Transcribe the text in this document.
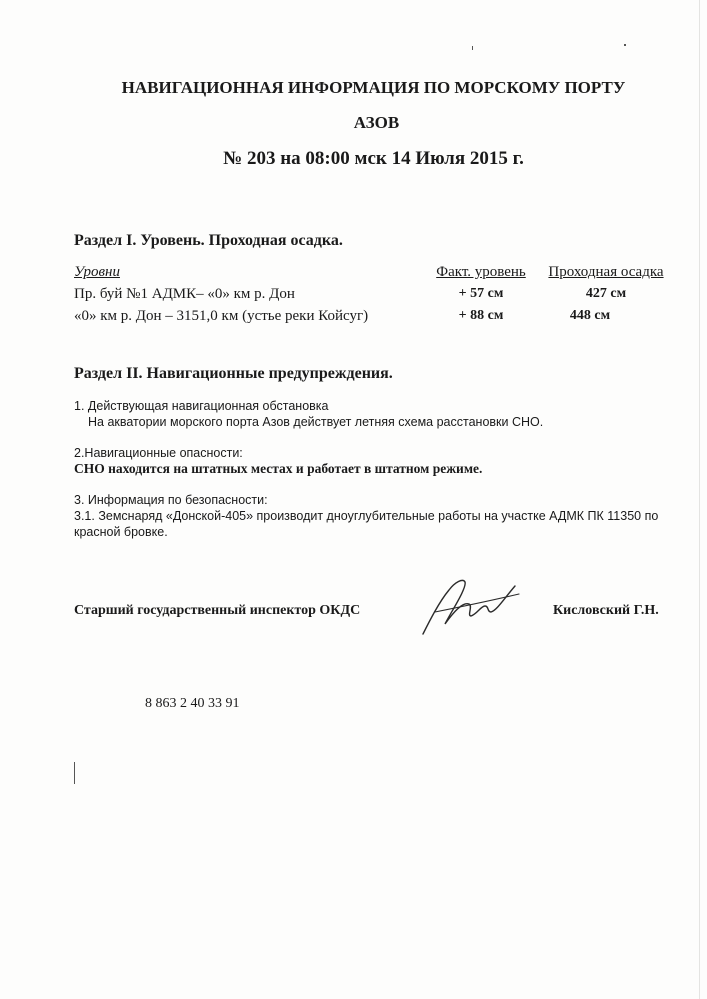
НАВИГАЦИОННАЯ ИНФОРМАЦИЯ ПО МОРСКОМУ ПОРТУ
АЗОВ
№ 203 на 08:00 мск 14 Июля 2015 г.
Раздел I. Уровень. Проходная осадка.
Уровни	Факт. уровень	Проходная осадка
Пр. буй №1 АДМК– «0» км р. Дон	+ 57 см	427 см
«0» км р. Дон – 3151,0 км (устье реки Койсуг)	+ 88 см	448 см
Раздел II. Навигационные предупреждения.
1. Действующая навигационная обстановка
На акватории морского порта Азов действует летняя схема расстановки СНО.
2.Навигационные опасности:
СНО находится на штатных местах и работает в штатном режиме.
3. Информация по безопасности:
3.1. Земснаряд «Донской-405» производит дноуглубительные работы на участке АДМК ПК 11350 по красной бровке.
Старший государственный инспектор ОКДС	Кисловский Г.Н.
8 863 2 40 33 91
